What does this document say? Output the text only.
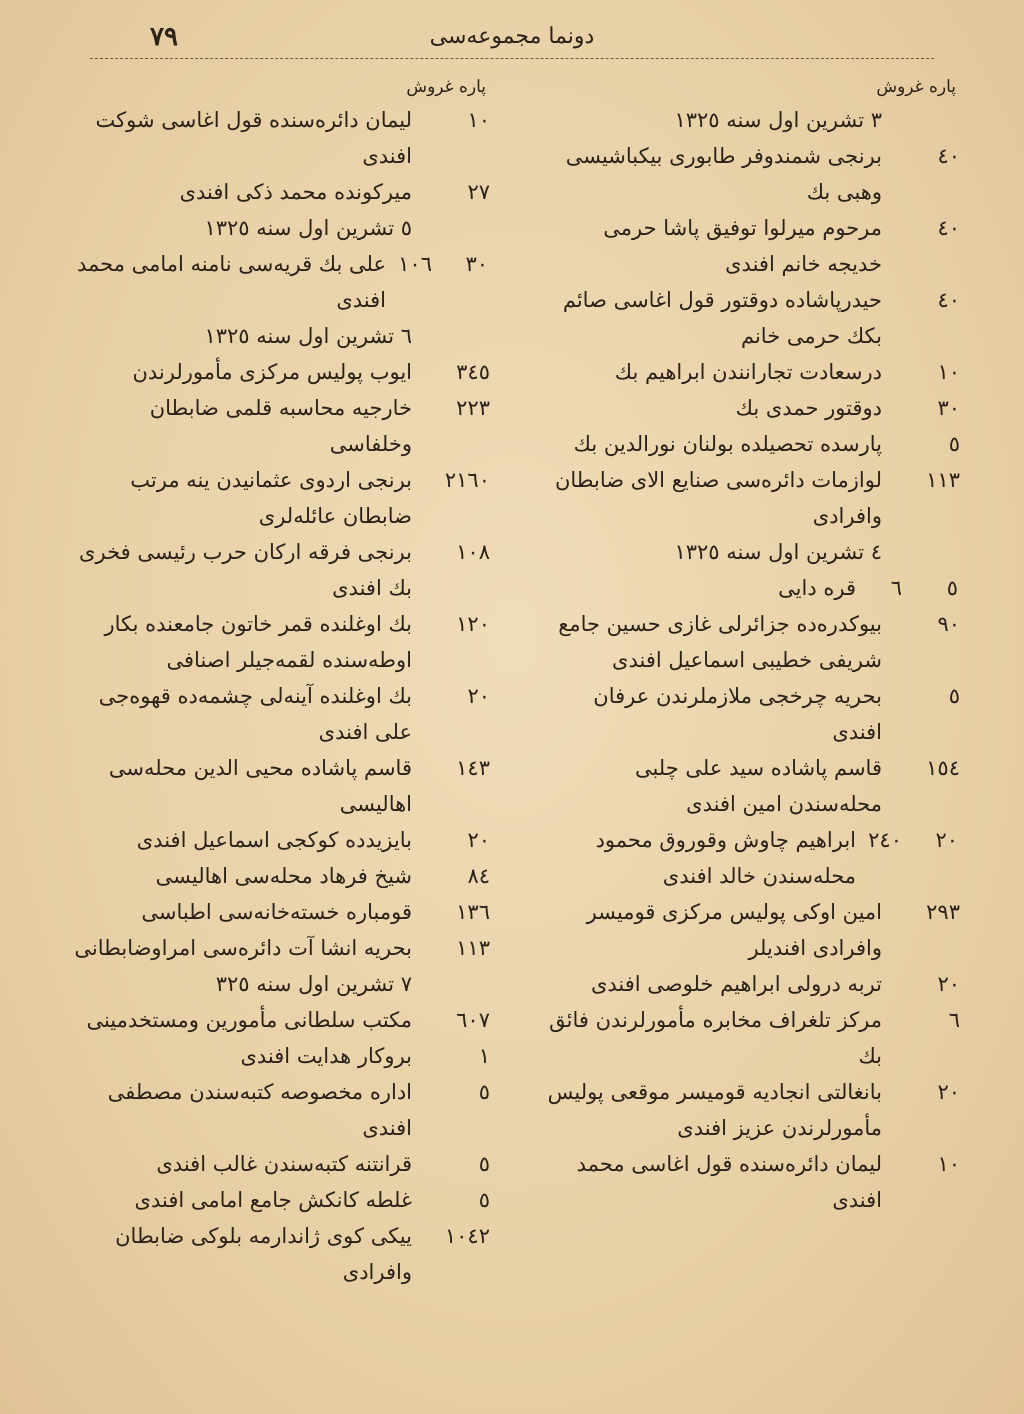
٧٩	دونما مجموعه‌سی
پاره غروش
٣ تشرین اول سنه ١٣٢٥
٤٠
برنجی شمندوفر طابوری بیکباشیسی وهبی بك
٤٠
مرحوم میرلوا توفیق پاشا حرمی خدیجه خانم افندی
٤٠
حیدرپاشاده دوقتور قول اغاسی صائم بکك حرمی خانم
١٠
درسعادت تجارانندن ابراهیم بك
٣٠
دوقتور حمدی بك
٥
پارسده تحصیلده بولنان نورالدین بك
١١٣
لوازمات دائره‌سی صنایع الای ضابطان وافرادی
٤ تشرین اول سنه ١٣٢٥
٥
٦
قره دایی
٩٠
بیوکدره‌ده جزائرلی غازی حسین جامع شریفی خطیبی اسماعیل افندی
٥
بحریه چرخجی ملازملرندن عرفان افندی
١٥٤
قاسم پاشاده سید علی چلبی محله‌سندن امین افندی
٢٠
٢٤٠
ابراهیم چاوش وقوروق محمود محله‌سندن خالد افندی
٢٩٣
امین اوکی پولیس مرکزی قومیسر وافرادی افندیلر
٢٠
تربه درولی ابراهیم خلوصی افندی
٦
مرکز تلغراف مخابره مأمورلرندن فائق بك
٢٠
بانغالتی انجادیه قومیسر موقعی پولیس مأمورلرندن عزیز افندی
١٠
لیمان دائره‌سنده قول اغاسی محمد افندی
پاره غروش
١٠
لیمان دائره‌سنده قول اغاسی شوکت افندی
٢٧
میرکونده محمد ذکی افندی
٥ تشرین اول سنه ١٣٢٥
٣٠
١٠٦
علی بك قریه‌سی نامنه امامی محمد افندی
٦ تشرین اول سنه ١٣٢٥
٣٤٥
ایوب پولیس مرکزی مأمورلرندن
٢٢٣
خارجیه محاسبه قلمی ضابطان وخلفاسی
٢١٦٠
برنجی اردوی عثمانیدن ینه مرتب ضابطان عائله‌لری
١٠٨
برنجی فرقه ارکان حرب رئیسی فخری بك افندی
١٢٠
بك اوغلنده قمر خاتون جامعنده بکار اوطه‌سنده لقمه‌جیلر اصنافی
٢٠
بك اوغلنده آینه‌لی چشمه‌ده قهوه‌جی علی افندی
١٤٣
قاسم پاشاده محیی الدین محله‌سی اهالیسی
٢٠
بایزیدده کوکجی اسماعیل افندی
٨٤
شیخ فرهاد محله‌سی اهالیسی
١٣٦
قومباره خسته‌خانه‌سی اطباسی
١١٣
بحریه انشا آت دائره‌سی امراوضابطانی
٧ تشرین اول سنه ٣٢٥
٦٠٧
مکتب سلطانی مأمورین ومستخدمینی
١
بروکار هدایت افندی
٥
اداره مخصوصه کتبه‌سندن مصطفی افندی
٥
قرانتنه کتبه‌سندن غالب افندی
٥
غلطه کانکش جامع امامی افندی
١٠٤٢
ییکی کوی ژاندارمه بلوکی ضابطان وافرادی
